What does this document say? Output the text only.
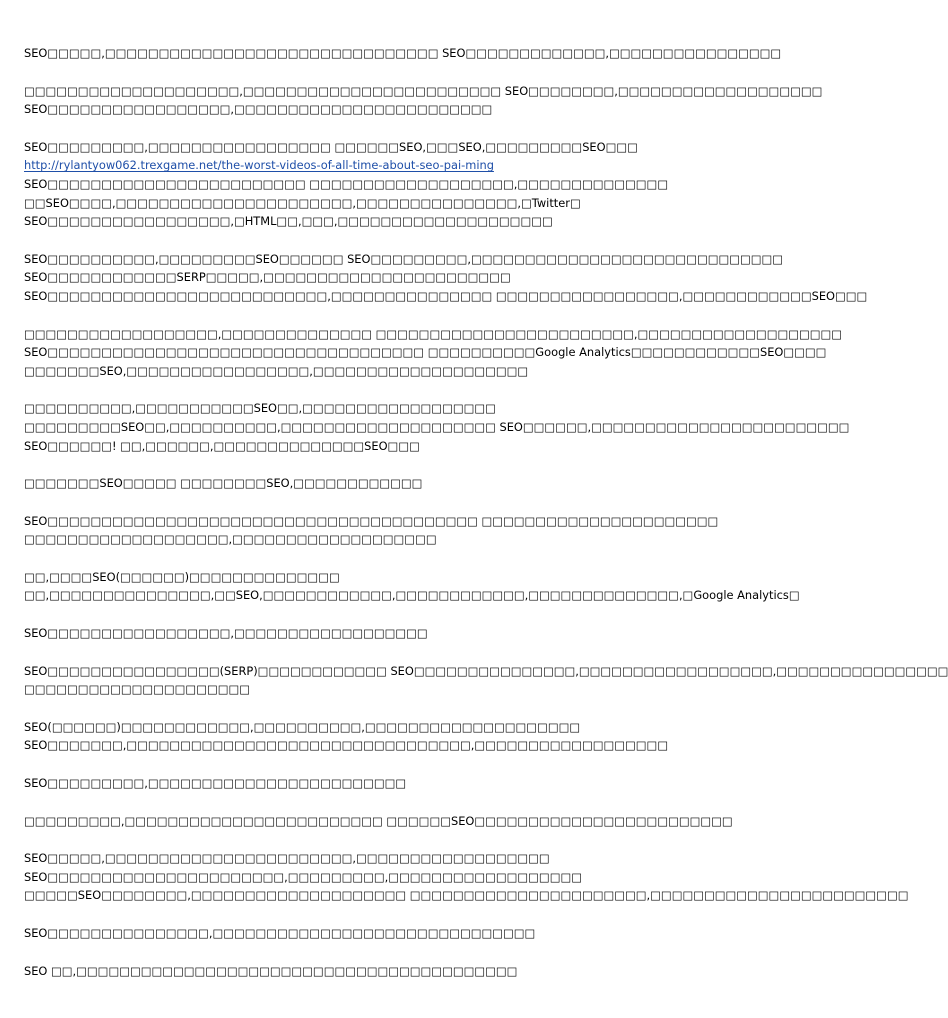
SEO□□□□□,□□□□□□□□□□□□□□□□□□□□□□□□□□□□□□□ SEO□□□□□□□□□□□□□,□□□□□□□□□□□□□□□□
□□□□□□□□□□□□□□□□□□□□,□□□□□□□□□□□□□□□□□□□□□□□□ SEO□□□□□□□□,□□□□□□□□□□□□□□□□□□□
SEO□□□□□□□□□□□□□□□□□,□□□□□□□□□□□□□□□□□□□□□□□□
SEO□□□□□□□□□,□□□□□□□□□□□□□□□□□ □□□□□□SEO,□□□SEO,□□□□□□□□□SEO□□□
http://rylantyow062.trexgame.net/the-worst-videos-of-all-time-about-seo-pai-ming
SEO□□□□□□□□□□□□□□□□□□□□□□□□ □□□□□□□□□□□□□□□□□□□,□□□□□□□□□□□□□□
□□SEO□□□□,□□□□□□□□□□□□□□□□□□□□□□,□□□□□□□□□□□□□□□,□Twitter□
SEO□□□□□□□□□□□□□□□□□,□HTML□□,□□□,□□□□□□□□□□□□□□□□□□□□
SEO□□□□□□□□□□,□□□□□□□□□SEO□□□□□□ SEO□□□□□□□□□,□□□□□□□□□□□□□□□□□□□□□□□□□□□□□
SEO□□□□□□□□□□□□SERP□□□□□,□□□□□□□□□□□□□□□□□□□□□□□
SEO□□□□□□□□□□□□□□□□□□□□□□□□□□,□□□□□□□□□□□□□□□ □□□□□□□□□□□□□□□□□,□□□□□□□□□□□□SEO□□□
□□□□□□□□□□□□□□□□□□,□□□□□□□□□□□□□□ □□□□□□□□□□□□□□□□□□□□□□□□,□□□□□□□□□□□□□□□□□□□
SEO□□□□□□□□□□□□□□□□□□□□□□□□□□□□□□□□□□□ □□□□□□□□□□Google Analytics□□□□□□□□□□□□SEO□□□□
□□□□□□□SEO,□□□□□□□□□□□□□□□□□,□□□□□□□□□□□□□□□□□□□□
□□□□□□□□□□,□□□□□□□□□□□SEO□□,□□□□□□□□□□□□□□□□□□
□□□□□□□□□SEO□□,□□□□□□□□□□,□□□□□□□□□□□□□□□□□□□□ SEO□□□□□□,□□□□□□□□□□□□□□□□□□□□□□□□
SEO□□□□□□! □□,□□□□□□,□□□□□□□□□□□□□□SEO□□□
□□□□□□□SEO□□□□□ □□□□□□□□SEO,□□□□□□□□□□□□
SEO□□□□□□□□□□□□□□□□□□□□□□□□□□□□□□□□□□□□□□□□ □□□□□□□□□□□□□□□□□□□□□□
□□□□□□□□□□□□□□□□□□□,□□□□□□□□□□□□□□□□□□□
□□,□□□□SEO(□□□□□□)□□□□□□□□□□□□□□
□□,□□□□□□□□□□□□□□□,□□SEO,□□□□□□□□□□□□,□□□□□□□□□□□□,□□□□□□□□□□□□□□,□Google Analytics□
SEO□□□□□□□□□□□□□□□□□,□□□□□□□□□□□□□□□□□□
SEO□□□□□□□□□□□□□□□□(SERP)□□□□□□□□□□□□ SEO□□□□□□□□□□□□□□□,□□□□□□□□□□□□□□□□□□,□□□□□□□□□□□□□□□□
□□□□□□□□□□□□□□□□□□□□□
SEO(□□□□□□)□□□□□□□□□□□□,□□□□□□□□□□,□□□□□□□□□□□□□□□□□□□□
SEO□□□□□□□,□□□□□□□□□□□□□□□□□□□□□□□□□□□□□□□□,□□□□□□□□□□□□□□□□□□
SEO□□□□□□□□□,□□□□□□□□□□□□□□□□□□□□□□□□
□□□□□□□□□,□□□□□□□□□□□□□□□□□□□□□□□□ □□□□□□SEO□□□□□□□□□□□□□□□□□□□□□□□□
SEO□□□□□,□□□□□□□□□□□□□□□□□□□□□□□,□□□□□□□□□□□□□□□□□□
SEO□□□□□□□□□□□□□□□□□□□□□□,□□□□□□□□□,□□□□□□□□□□□□□□□□□□
□□□□□SEO□□□□□□□□,□□□□□□□□□□□□□□□□□□□□ □□□□□□□□□□□□□□□□□□□□□□,□□□□□□□□□□□□□□□□□□□□□□□□
SEO□□□□□□□□□□□□□□□,□□□□□□□□□□□□□□□□□□□□□□□□□□□□□□
SEO □□,□□□□□□□□□□□□□□□□□□□□□□□□□□□□□□□□□□□□□□□□□
